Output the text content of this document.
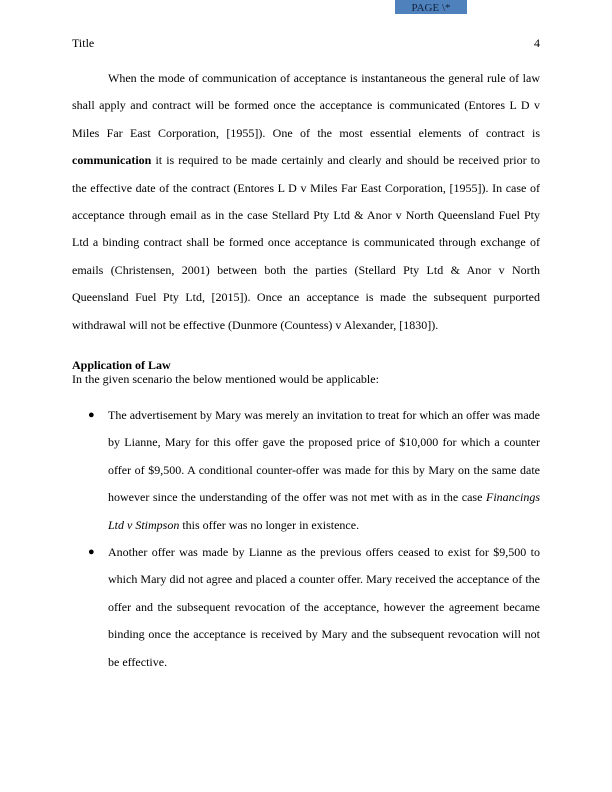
PAGE \*
Title	4

When the mode of communication of acceptance is instantaneous the general rule of law shall apply and contract will be formed once the acceptance is communicated (Entores L D v Miles Far East Corporation, [1955]). One of the most essential elements of contract is communication it is required to be made certainly and clearly and should be received prior to the effective date of the contract (Entores L D v Miles Far East Corporation, [1955]). In case of acceptance through email as in the case Stellard Pty Ltd & Anor v North Queensland Fuel Pty Ltd a binding contract shall be formed once acceptance is communicated through exchange of emails (Christensen, 2001) between both the parties (Stellard Pty Ltd & Anor v North Queensland Fuel Pty Ltd, [2015]). Once an acceptance is made the subsequent purported withdrawal will not be effective (Dunmore (Countess) v Alexander, [1830]).

Application of Law

In the given scenario the below mentioned would be applicable:

● The advertisement by Mary was merely an invitation to treat for which an offer was made by Lianne, Mary for this offer gave the proposed price of $10,000 for which a counter offer of $9,500. A conditional counter-offer was made for this by Mary on the same date however since the understanding of the offer was not met with as in the case Financings Ltd v Stimpson this offer was no longer in existence.
● Another offer was made by Lianne as the previous offers ceased to exist for $9,500 to which Mary did not agree and placed a counter offer. Mary received the acceptance of the offer and the subsequent revocation of the acceptance, however the agreement became binding once the acceptance is received by Mary and the subsequent revocation will not be effective.
